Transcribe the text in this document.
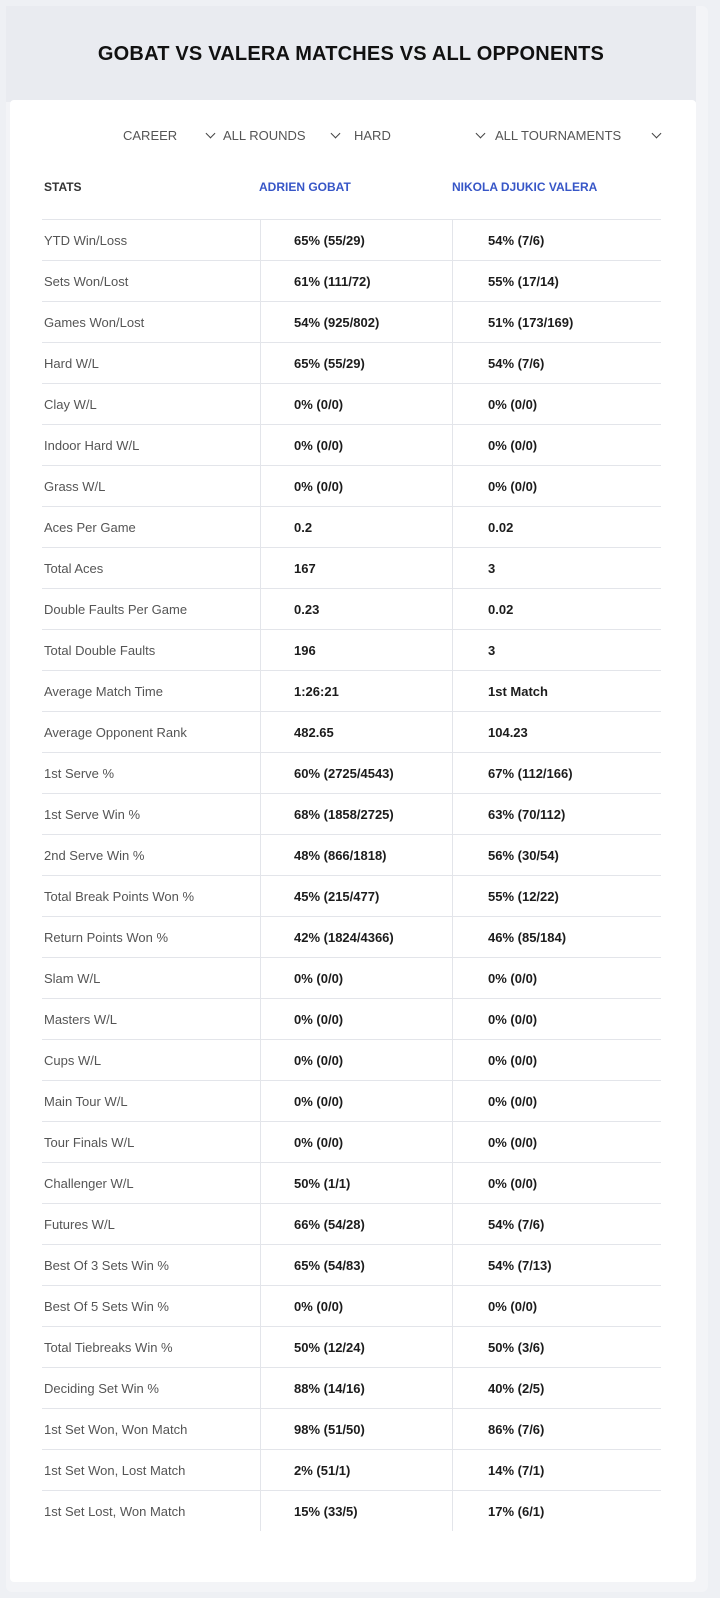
GOBAT VS VALERA MATCHES VS ALL OPPONENTS
CAREER	ALL ROUNDS	HARD	ALL TOURNAMENTS
STATS	ADRIEN GOBAT	NIKOLA DJUKIC VALERA
YTD Win/Loss	65% (55/29)	54% (7/6)
Sets Won/Lost	61% (111/72)	55% (17/14)
Games Won/Lost	54% (925/802)	51% (173/169)
Hard W/L	65% (55/29)	54% (7/6)
Clay W/L	0% (0/0)	0% (0/0)
Indoor Hard W/L	0% (0/0)	0% (0/0)
Grass W/L	0% (0/0)	0% (0/0)
Aces Per Game	0.2	0.02
Total Aces	167	3
Double Faults Per Game	0.23	0.02
Total Double Faults	196	3
Average Match Time	1:26:21	1st Match
Average Opponent Rank	482.65	104.23
1st Serve %	60% (2725/4543)	67% (112/166)
1st Serve Win %	68% (1858/2725)	63% (70/112)
2nd Serve Win %	48% (866/1818)	56% (30/54)
Total Break Points Won %	45% (215/477)	55% (12/22)
Return Points Won %	42% (1824/4366)	46% (85/184)
Slam W/L	0% (0/0)	0% (0/0)
Masters W/L	0% (0/0)	0% (0/0)
Cups W/L	0% (0/0)	0% (0/0)
Main Tour W/L	0% (0/0)	0% (0/0)
Tour Finals W/L	0% (0/0)	0% (0/0)
Challenger W/L	50% (1/1)	0% (0/0)
Futures W/L	66% (54/28)	54% (7/6)
Best Of 3 Sets Win %	65% (54/83)	54% (7/13)
Best Of 5 Sets Win %	0% (0/0)	0% (0/0)
Total Tiebreaks Win %	50% (12/24)	50% (3/6)
Deciding Set Win %	88% (14/16)	40% (2/5)
1st Set Won, Won Match	98% (51/50)	86% (7/6)
1st Set Won, Lost Match	2% (51/1)	14% (7/1)
1st Set Lost, Won Match	15% (33/5)	17% (6/1)
